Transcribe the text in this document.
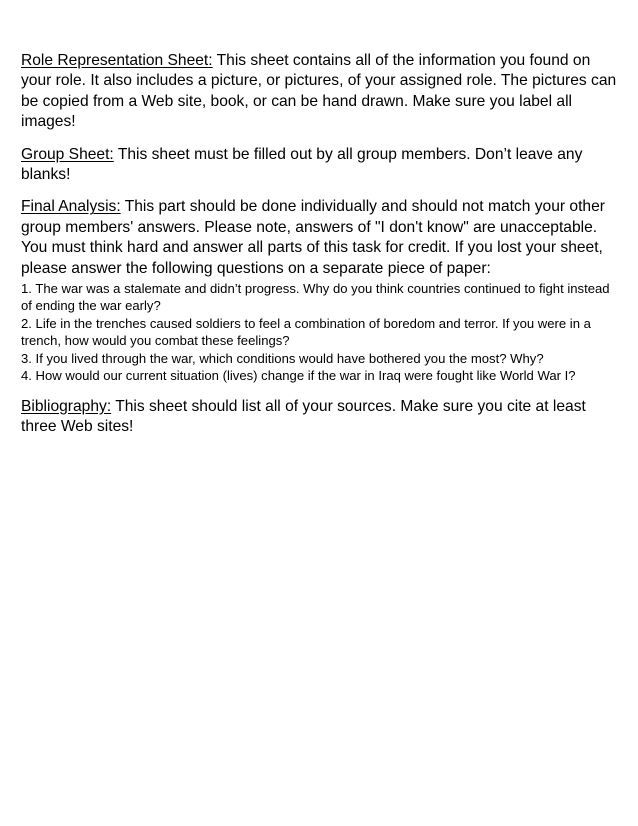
Role Representation Sheet: This sheet contains all of the information you found on your role. It also includes a picture, or pictures, of your assigned role. The pictures can be copied from a Web site, book, or can be hand drawn. Make sure you label all images!

Group Sheet: This sheet must be filled out by all group members. Don’t leave any blanks!

Final Analysis: This part should be done individually and should not match your other group members' answers. Please note, answers of "I don't know" are unacceptable. You must think hard and answer all parts of this task for credit. If you lost your sheet, please answer the following questions on a separate piece of paper:

1. The war was a stalemate and didn’t progress. Why do you think countries continued to fight instead of ending the war early?
2. Life in the trenches caused soldiers to feel a combination of boredom and terror. If you were in a trench, how would you combat these feelings?
3. If you lived through the war, which conditions would have bothered you the most? Why?
4. How would our current situation (lives) change if the war in Iraq were fought like World War I?

Bibliography: This sheet should list all of your sources. Make sure you cite at least three Web sites!
